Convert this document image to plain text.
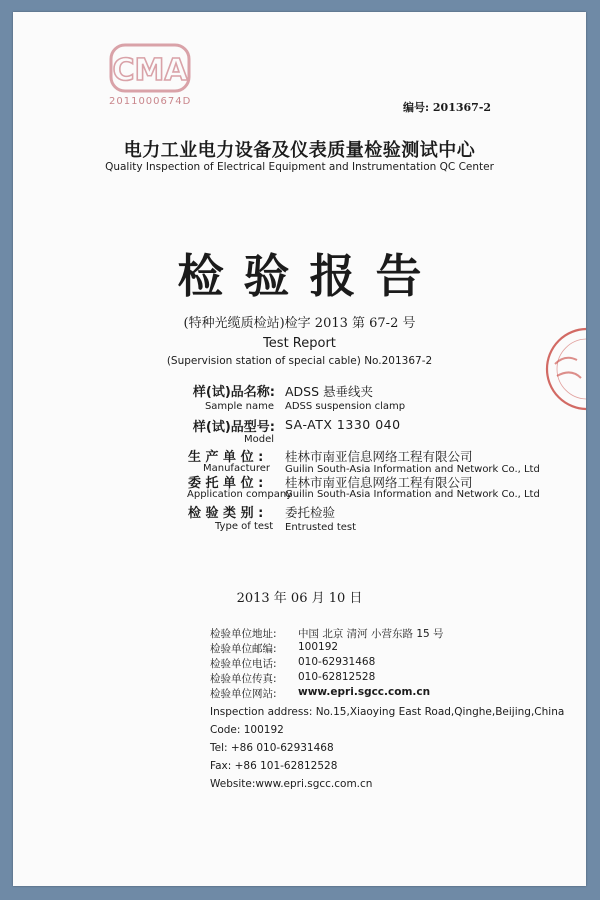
CMA
2011000674D	编号: 201367-2
电力工业电力设备及仪表质量检验测试中心
Quality Inspection of Electrical Equipment and Instrumentation QC Center
检验报告
(特种光缆质检站)检字 2013 第 67-2 号
Test Report
(Supervision station of special cable) No.201367-2
样(试)品名称:
Sample name
ADSS 悬垂线夹
ADSS suspension clamp
样(试)品型号:
Model
SA-ATX 1330 040
生 产 单 位 :
Manufacturer
桂林市南亚信息网络工程有限公司
Guilin South-Asia Information and Network Co., Ltd
委 托 单 位 :
Application company
桂林市南亚信息网络工程有限公司
Guilin South-Asia Information and Network Co., Ltd
检 验 类 别 :
Type of test
委托检验
Entrusted test
2013 年 06 月 10 日
检验单位地址: 中国 北京 清河 小营东路 15 号
检验单位邮编: 100192
检验单位电话: 010-62931468
检验单位传真: 010-62812528
检验单位网站: www.epri.sgcc.com.cn
Inspection address: No.15,Xiaoying East Road,Qinghe,Beijing,China
Code: 100192
Tel: +86 010-62931468
Fax: +86 101-62812528
Website:www.epri.sgcc.com.cn
